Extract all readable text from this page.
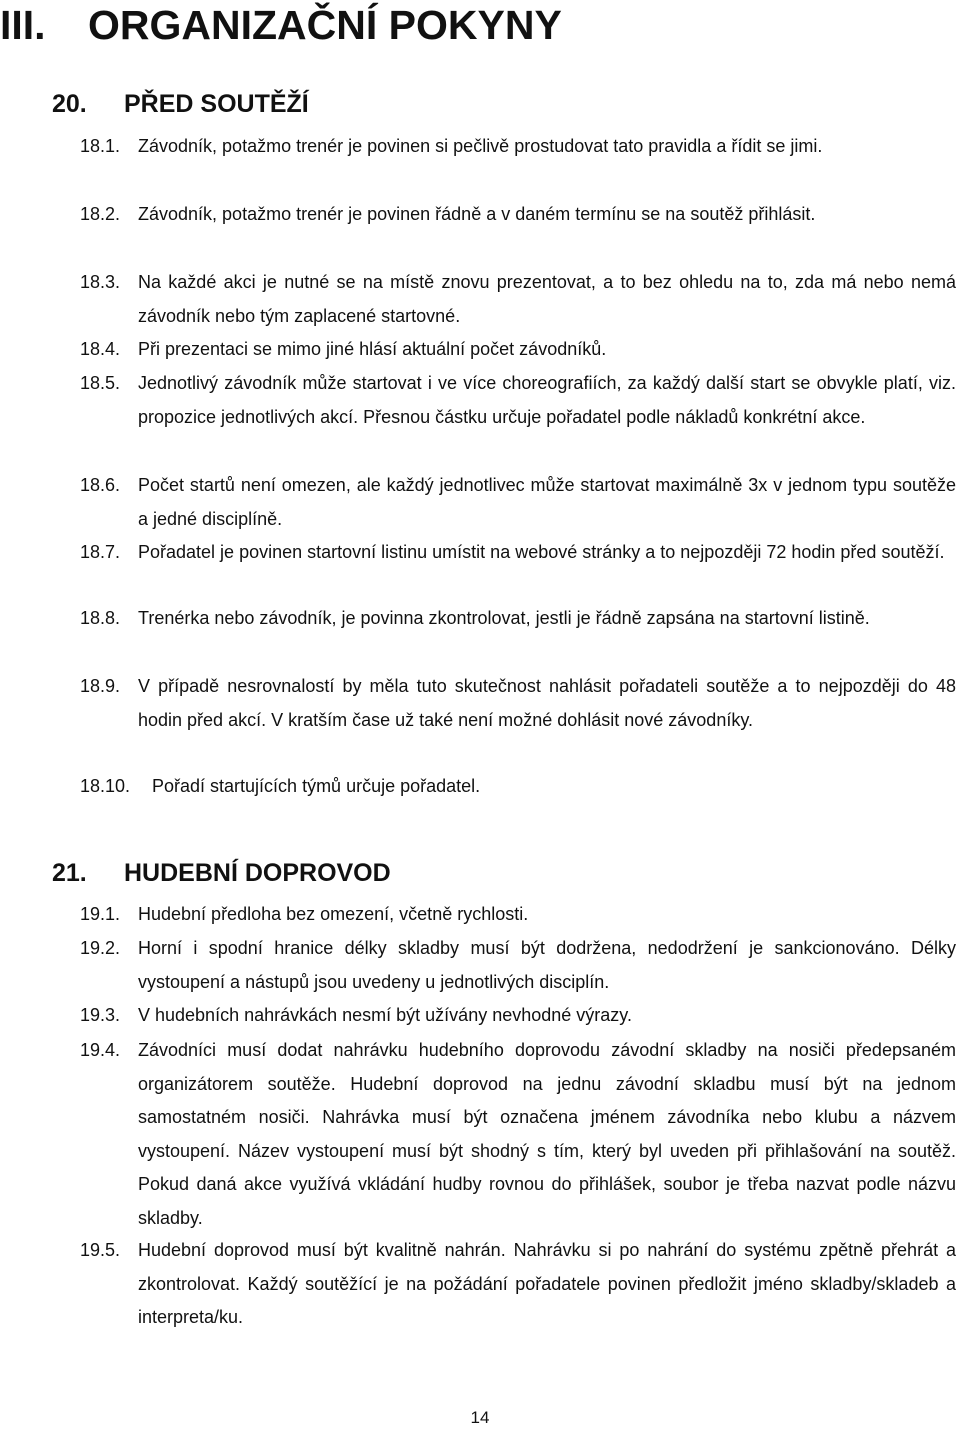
III. ORGANIZAČNÍ POKYNY
20. PŘED SOUTĚŽÍ
18.1. Závodník, potažmo trenér je povinen si pečlivě prostudovat tato pravidla a řídit se jimi.
18.2. Závodník, potažmo trenér je povinen řádně a v daném termínu se na soutěž přihlásit.
18.3. Na každé akci je nutné se na místě znovu prezentovat, a to bez ohledu na to, zda má nebo nemá závodník nebo tým zaplacené startovné.
18.4. Při prezentaci se mimo jiné hlásí aktuální počet závodníků.
18.5. Jednotlivý závodník může startovat i ve více choreografiích, za každý další start se obvykle platí, viz. propozice jednotlivých akcí. Přesnou částku určuje pořadatel podle nákladů konkrétní akce.
18.6. Počet startů není omezen, ale každý jednotlivec může startovat maximálně 3x v jednom typu soutěže a jedné disciplíně.
18.7. Pořadatel je povinen startovní listinu umístit na webové stránky a to nejpozději 72 hodin před soutěží.
18.8. Trenérka nebo závodník, je povinna zkontrolovat, jestli je řádně zapsána na startovní listině.
18.9. V případě nesrovnalostí by měla tuto skutečnost nahlásit pořadateli soutěže a to nejpozději do 48 hodin před akcí. V kratším čase už také není možné dohlásit nové závodníky.
18.10. Pořadí startujících týmů určuje pořadatel.
21. HUDEBNÍ DOPROVOD
19.1. Hudební předloha bez omezení, včetně rychlosti.
19.2. Horní i spodní hranice délky skladby musí být dodržena, nedodržení je sankcionováno. Délky vystoupení a nástupů jsou uvedeny u jednotlivých disciplín.
19.3. V hudebních nahrávkách nesmí být užívány nevhodné výrazy.
19.4. Závodníci musí dodat nahrávku hudebního doprovodu závodní skladby na nosiči předepsaném organizátorem soutěže. Hudební doprovod na jednu závodní skladbu musí být na jednom samostatném nosiči. Nahrávka musí být označena jménem závodníka nebo klubu a názvem vystoupení. Název vystoupení musí být shodný s tím, který byl uveden při přihlašování na soutěž. Pokud daná akce využívá vkládání hudby rovnou do přihlášek, soubor je třeba nazvat podle názvu skladby.
19.5. Hudební doprovod musí být kvalitně nahrán. Nahrávku si po nahrání do systému zpětně přehrát a zkontrolovat. Každý soutěžící je na požádání pořadatele povinen předložit jméno skladby/skladeb a interpreta/ku.
14
